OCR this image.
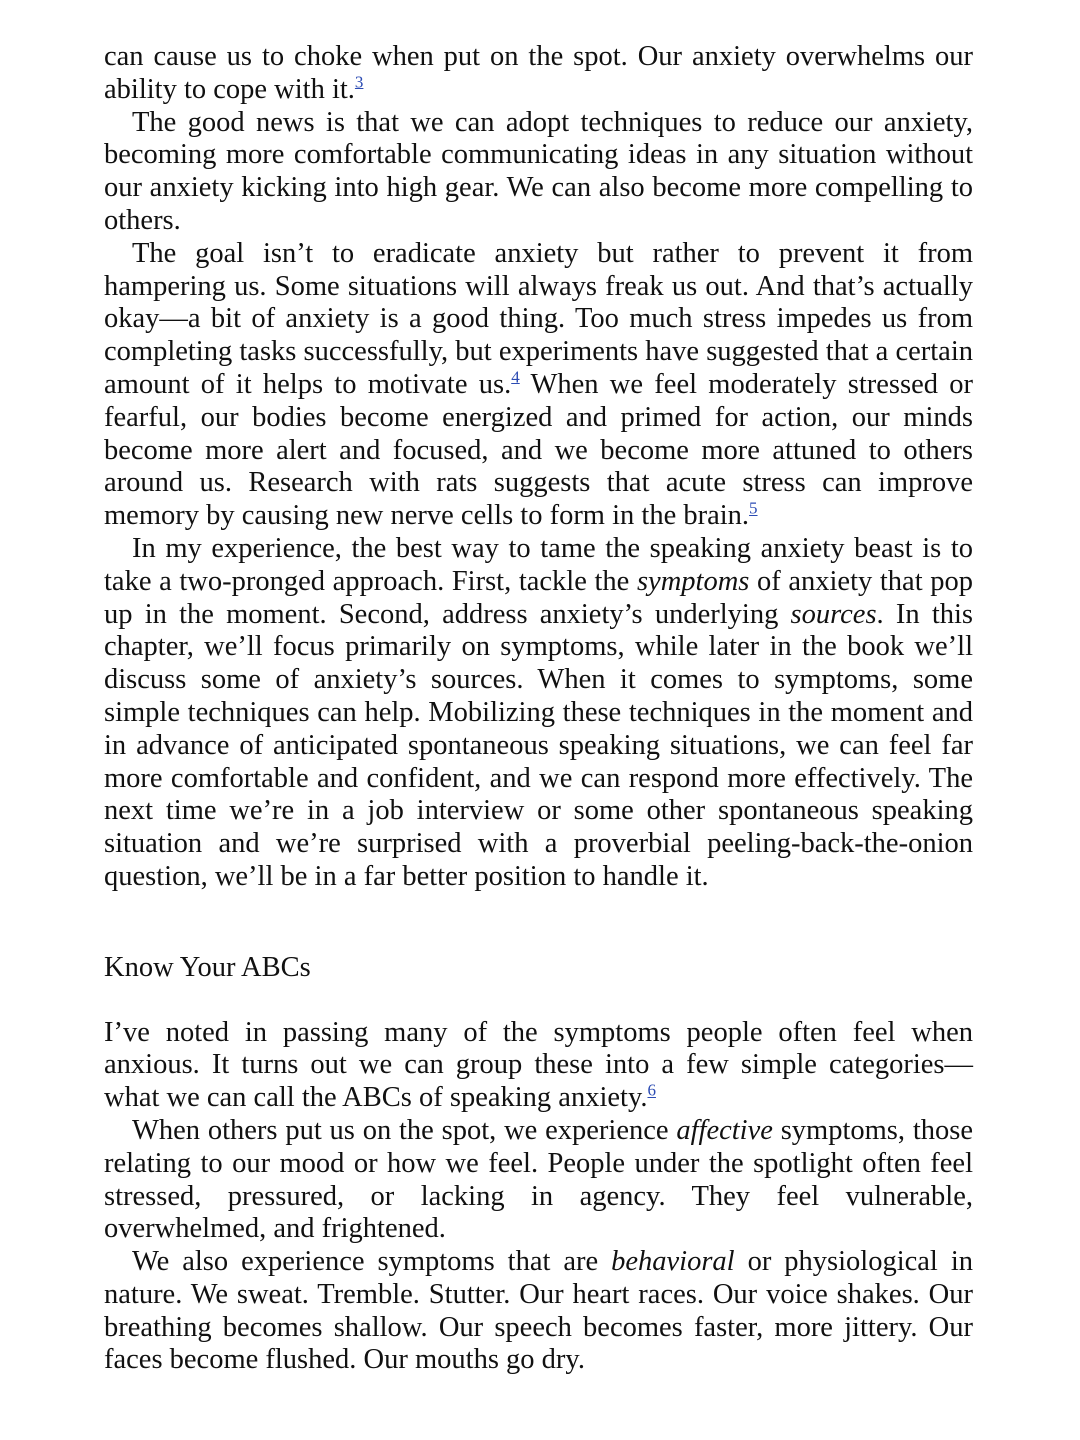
can cause us to choke when put on the spot. Our anxiety overwhelms our ability to cope with it.$^3$

The good news is that we can adopt techniques to reduce our anxiety, becoming more comfortable communicating ideas in any situation without our anxiety kicking into high gear. We can also become more compelling to others.

The goal isn’t to eradicate anxiety but rather to prevent it from hampering us. Some situations will always freak us out. And that’s actually okay—a bit of anxiety is a good thing. Too much stress impedes us from completing tasks successfully, but experiments have suggested that a certain amount of it helps to motivate us.$^4$ When we feel moderately stressed or fearful, our bodies become energized and primed for action, our minds become more alert and focused, and we become more attuned to others around us. Research with rats suggests that acute stress can improve memory by causing new nerve cells to form in the brain.$^5$

In my experience, the best way to tame the speaking anxiety beast is to take a two-pronged approach. First, tackle the symptoms of anxiety that pop up in the moment. Second, address anxiety’s underlying sources. In this chapter, we’ll focus primarily on symptoms, while later in the book we’ll discuss some of anxiety’s sources. When it comes to symptoms, some simple techniques can help. Mobilizing these techniques in the moment and in advance of anticipated spontaneous speaking situations, we can feel far more comfortable and confident, and we can respond more effectively. The next time we’re in a job interview or some other spontaneous speaking situation and we’re surprised with a proverbial peeling-back-the-onion question, we’ll be in a far better position to handle it.

Know Your ABCs

I’ve noted in passing many of the symptoms people often feel when anxious. It turns out we can group these into a few simple categories— what we can call the ABCs of speaking anxiety.$^6$

When others put us on the spot, we experience affective symptoms, those relating to our mood or how we feel. People under the spotlight often feel stressed, pressured, or lacking in agency. They feel vulnerable, overwhelmed, and frightened.

We also experience symptoms that are behavioral or physiological in nature. We sweat. Tremble. Stutter. Our heart races. Our voice shakes. Our breathing becomes shallow. Our speech becomes faster, more jittery. Our faces become flushed. Our mouths go dry.
